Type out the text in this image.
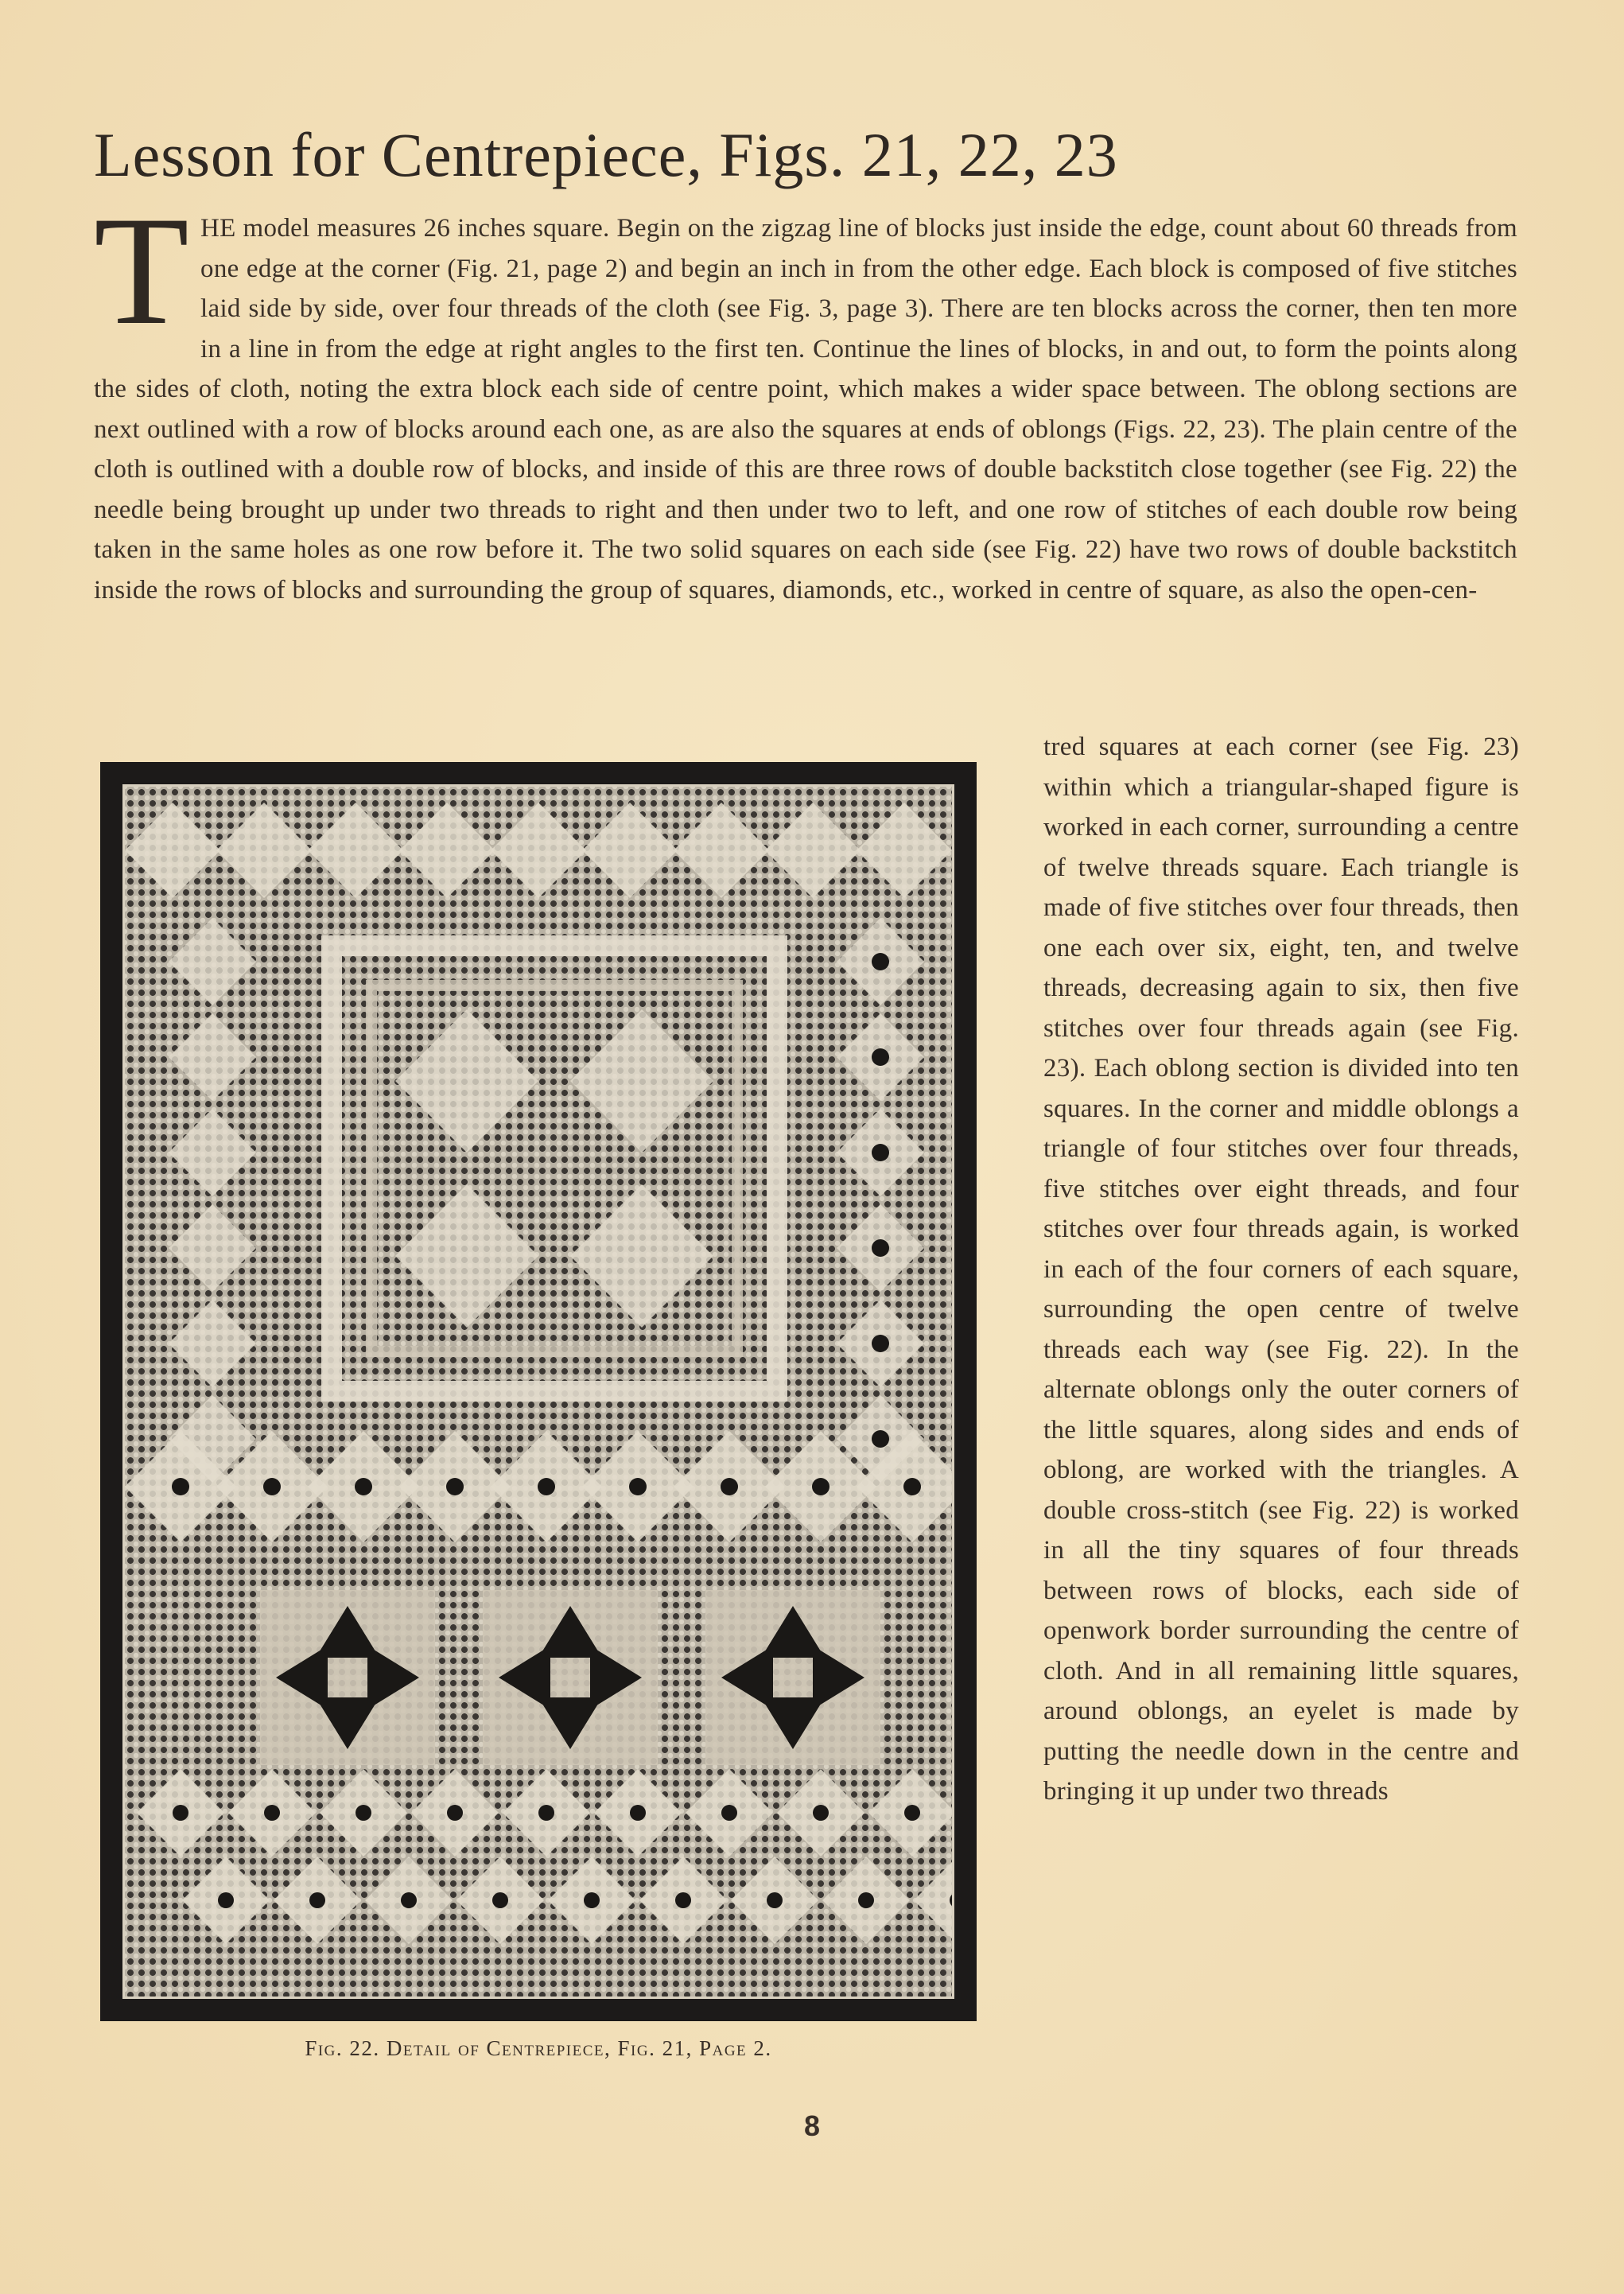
Lesson for Centrepiece, Figs. 21, 22, 23
THE model measures 26 inches square. Begin on the zigzag line of blocks just inside the edge, count about 60 threads from one edge at the corner (Fig. 21, page 2) and begin an inch in from the other edge. Each block is composed of five stitches laid side by side, over four threads of the cloth (see Fig. 3, page 3). There are ten blocks across the corner, then ten more in a line in from the edge at right angles to the first ten. Continue the lines of blocks, in and out, to form the points along the sides of cloth, noting the extra block each side of centre point, which makes a wider space between. The oblong sections are next outlined with a row of blocks around each one, as are also the squares at ends of oblongs (Figs. 22, 23). The plain centre of the cloth is outlined with a double row of blocks, and inside of this are three rows of double backstitch close together (see Fig. 22) the needle being brought up under two threads to right and then under two to left, and one row of stitches of each double row being taken in the same holes as one row before it. The two solid squares on each side (see Fig. 22) have two rows of double backstitch inside the rows of blocks and surrounding the group of squares, diamonds, etc., worked in centre of square, as also the open-cen-
Fig. 22. Detail of Centrepiece, Fig. 21, Page 2.
tred squares at each corner (see Fig. 23) within which a triangular-shaped figure is worked in each corner, surrounding a centre of twelve threads square. Each triangle is made of five stitches over four threads, then one each over six, eight, ten, and twelve threads, decreasing again to six, then five stitches over four threads again (see Fig. 23). Each oblong section is divided into ten squares. In the corner and middle oblongs a triangle of four stitches over four threads, five stitches over eight threads, and four stitches over four threads again, is worked in each of the four corners of each square, surrounding the open centre of twelve threads each way (see Fig. 22). In the alternate oblongs only the outer corners of the little squares, along sides and ends of oblong, are worked with the triangles. A double cross-stitch (see Fig. 22) is worked in all the tiny squares of four threads between rows of blocks, each side of openwork border surrounding the centre of cloth. And in all remaining little squares, around oblongs, an eyelet is made by putting the needle down in the centre and bringing it up under two threads
8
